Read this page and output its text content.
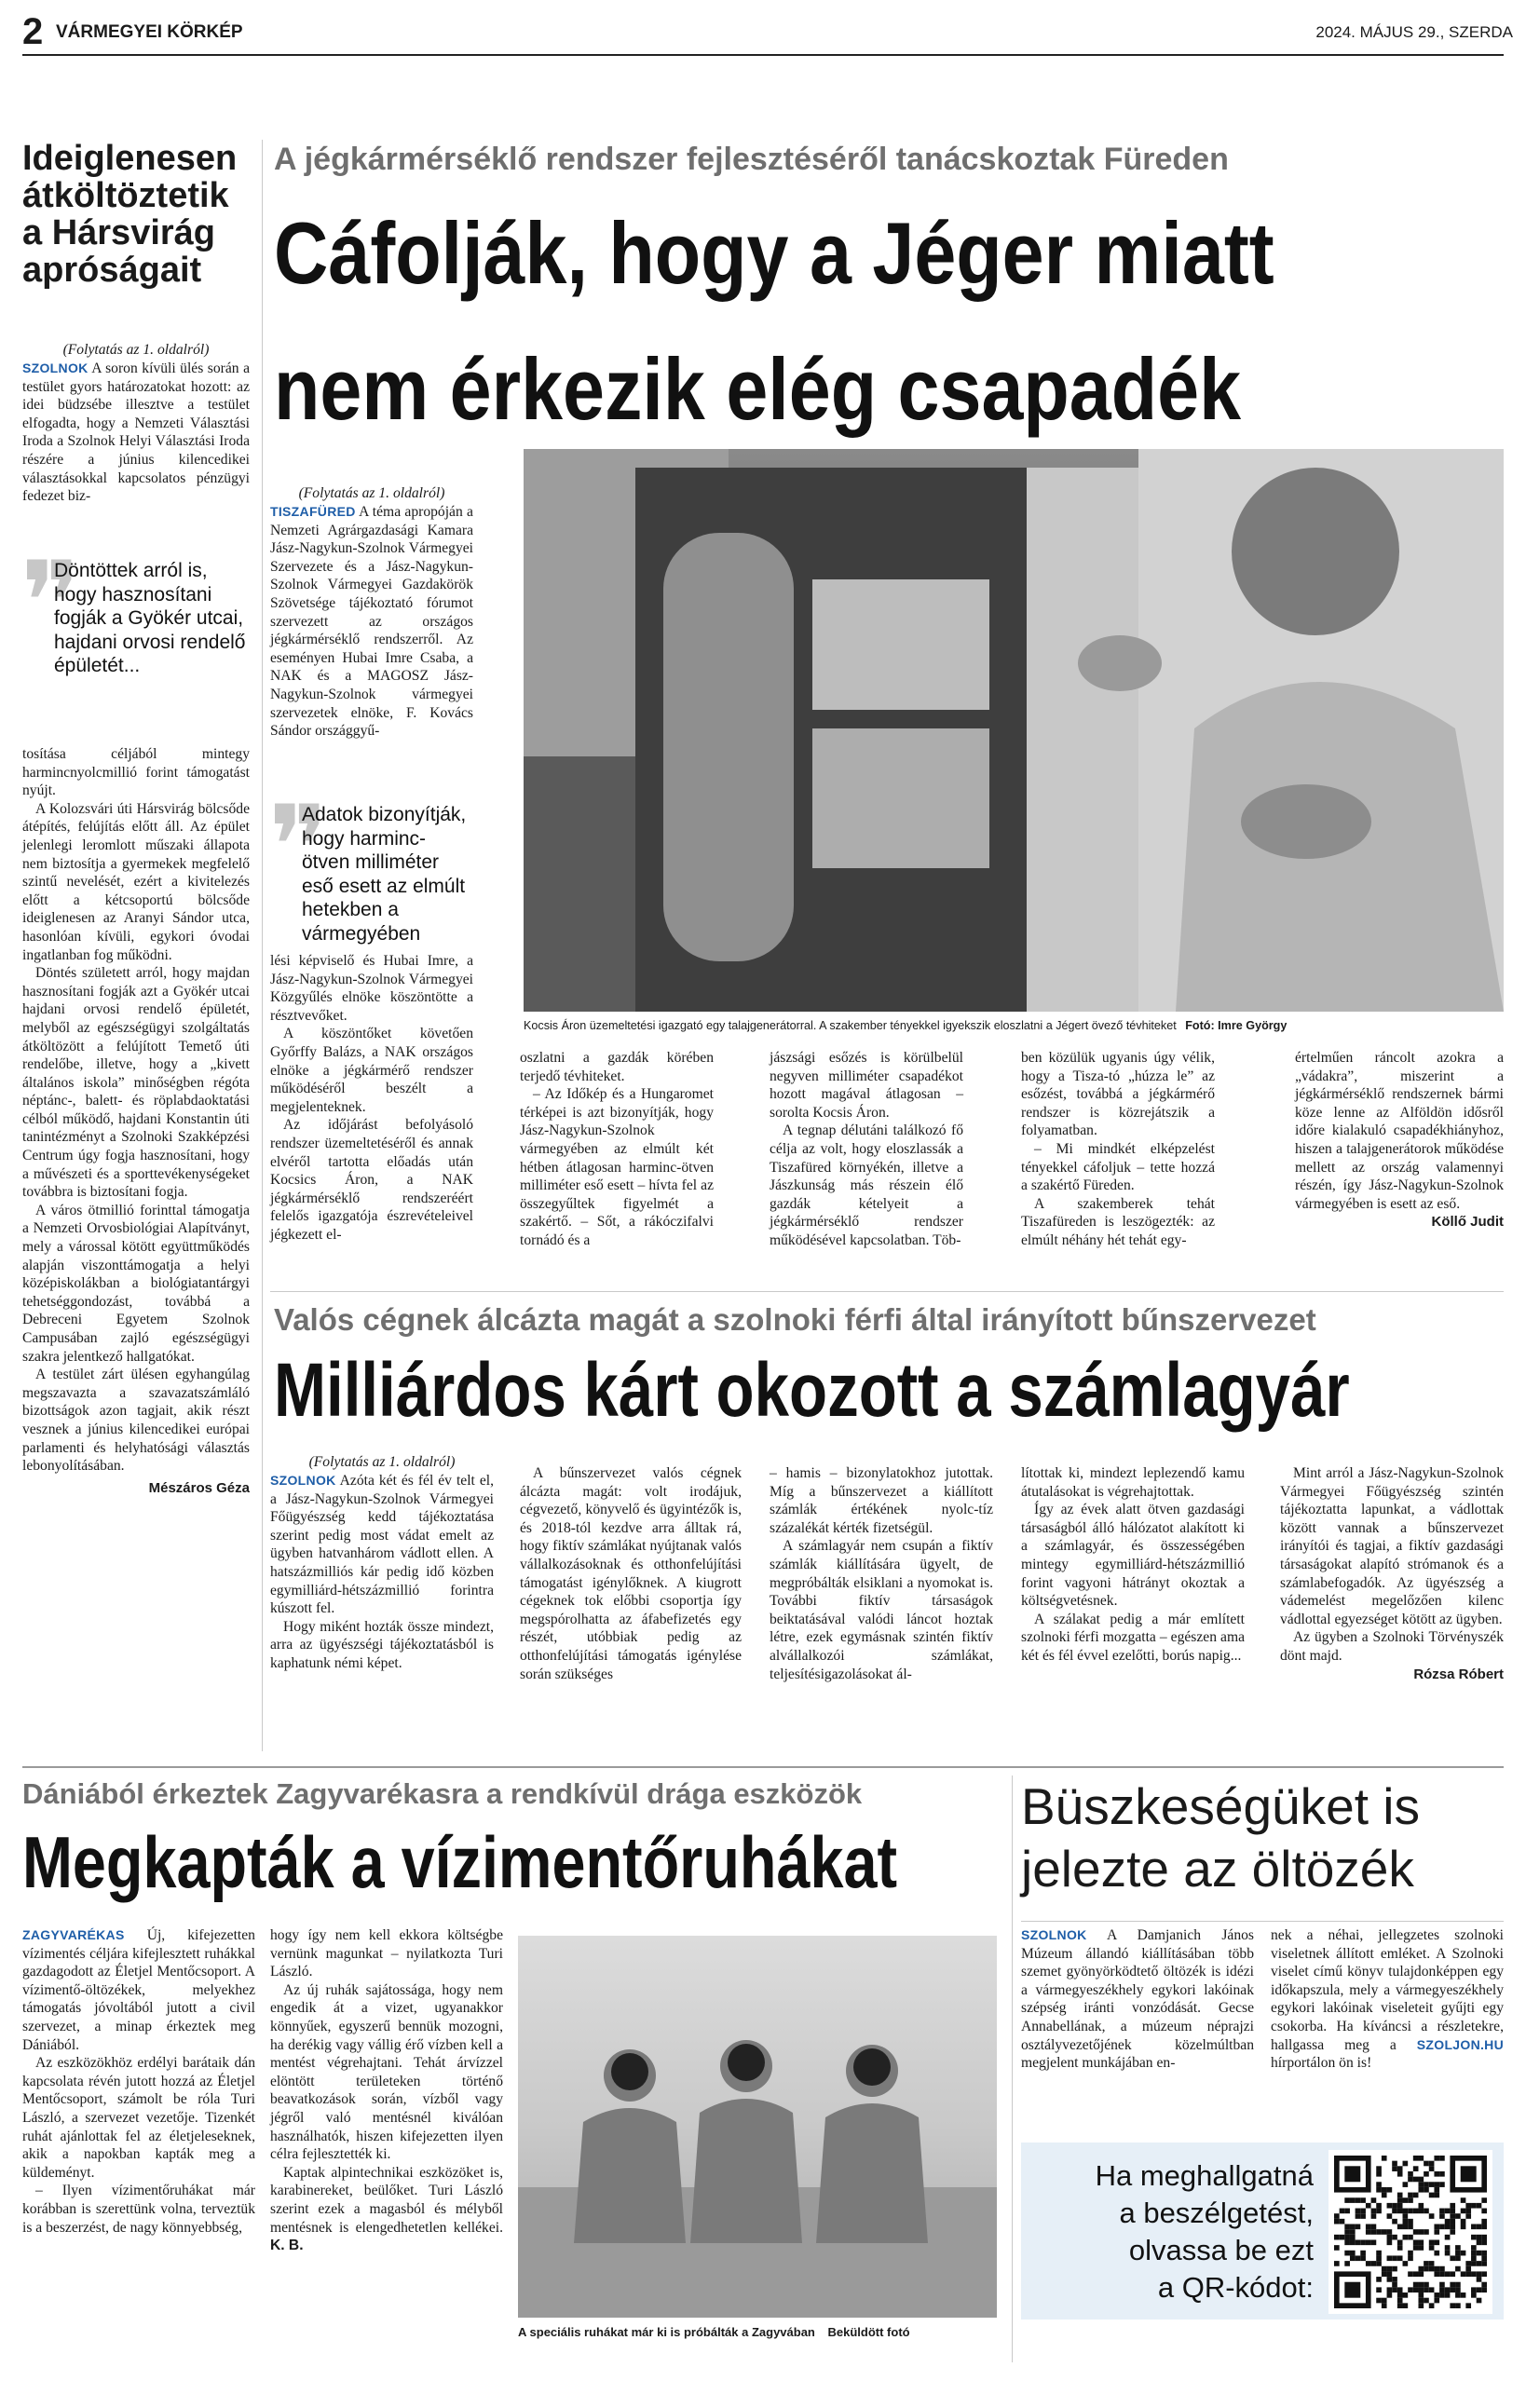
2 VÁRMEGYEI KÖRKÉP	2024. MÁJUS 29., SZERDA
Ideiglenesen
átköltöztetik
a Hársvirág
apróságait
(Folytatás az 1. oldalról)

SZOLNOK A soron kívüli ülés során a testület gyors határozatokat hozott: az idei büdzsébe illesztve a testület elfogadta, hogy a Nemzeti Választási Iroda a Szolnok Helyi Választási Iroda részére a június kilencedikei választásokkal kapcsolatos pénzügyi fedezet biz-

❞
Döntöttek arról is, hogy hasznosítani fogják a Gyökér utcai, hajdani orvosi rendelő épületét...

tosítása céljából mintegy harmincnyolcmillió forint támogatást nyújt.

A Kolozsvári úti Hársvirág bölcsőde átépítés, felújítás előtt áll. Az épület jelenlegi leromlott műszaki állapota nem biztosítja a gyermekek megfelelő szintű nevelését, ezért a kivitelezés előtt a kétcsoportú bölcsőde ideiglenesen az Aranyi Sándor utca, hasonlóan kívüli, egykori óvodai ingatlanban fog működni.

Döntés született arról, hogy majdan hasznosítani fogják azt a Gyökér utcai hajdani orvosi rendelő épületét, melyből az egészségügyi szolgáltatás átköltözött a felújított Temető úti rendelőbe, illetve, hogy a „kivett általános iskola” minőségben régóta néptánc-, balett- és röplabdaoktatási célból működő, hajdani Konstantin úti tanintézményt a Szolnoki Szakképzési Centrum úgy fogja hasznosítani, hogy a művészeti és a sporttevékenységeket továbbra is biztosítani fogja.

A város ötmillió forinttal támogatja a Nemzeti Orvosbiológiai Alapítványt, mely a várossal kötött együttműködés alapján viszonttámogatja a helyi középiskolákban a biológiatantárgyi tehetséggondozást, továbbá a Debreceni Egyetem Szolnok Campusában zajló egészségügyi szakra jelentkező hallgatókat.

A testület zárt ülésen egyhangúlag megszavazta a szavazatszámláló bizottságok azon tagjait, akik részt vesznek a június kilencedikei európai parlamenti és helyhatósági választás lebonyolításában.

Mészáros Géza
A jégkármérséklő rendszer fejlesztéséről tanácskoztak Füreden
Cáfolják, hogy a Jéger miatt
nem érkezik elég csapadék
(Folytatás az 1. oldalról)

TISZAFÜRED A téma apropóján a Nemzeti Agrárgazdasági Kamara Jász-Nagykun-Szolnok Vármegyei Szervezete és a Jász-Nagykun-Szolnok Vármegyei Gazdakörök Szövetsége tájékoztató fórumot szervezett az országos jégkármérséklő rendszerről. Az eseményen Hubai Imre Csaba, a NAK és a MAGOSZ Jász-Nagykun-Szolnok vármegyei szervezetek elnöke, F. Kovács Sándor országgyű-

❞
Adatok bizonyítják, hogy harminc-ötven milliméter eső esett az elmúlt hetekben a vármegyében

lési képviselő és Hubai Imre, a Jász-Nagykun-Szolnok Vármegyei Közgyűlés elnöke köszöntötte a résztvevőket.

A köszöntőket követően Győrffy Balázs, a NAK országos elnöke a jégkármérő rendszer működéséről beszélt a megjelenteknek.

Az időjárást befolyásoló rendszer üzemeltetéséről és annak elvéről tartotta előadás után Kocsics Áron, a NAK jégkármérséklő rendszeréért felelős igazgatója észrevételeivel jégkezett el-

Kocsis Áron üzemeltetési igazgató egy talajgenerátorral. A szakember tényekkel igyekszik eloszlatni a Jégert övező tévhiteket Fotó: Imre György

oszlatni a gazdák körében terjedő tévhiteket.

– Az Időkép és a Hungaromet térképei is azt bizonyítják, hogy Jász-Nagykun-Szolnok vármegyében az elmúlt két hétben átlagosan harminc-ötven milliméter eső esett – hívta fel az összegyűltek figyelmét a szakértő. – Sőt, a rákóczifalvi tornádó és a

jászsági esőzés is körülbelül negyven milliméter csapadékot hozott magával átlagosan – sorolta Kocsis Áron.

A tegnap délutáni találkozó fő célja az volt, hogy eloszlassák a Tiszafüred környékén, illetve a Jászkunság más részein élő gazdák kételyeit a jégkármérséklő rendszer működésével kapcsolatban. Töb-

ben közülük ugyanis úgy vélik, hogy a Tisza-tó „húzza le” az esőzést, továbbá a jégkármérő rendszer is közrejátszik a folyamatban.

– Mi mindkét elképzelést tényekkel cáfoljuk – tette hozzá a szakértő Füreden.

A szakemberek tehát Tiszafüreden is leszögezték: az elmúlt néhány hét tehát egy-

értelműen ráncolt azokra a „vádakra”, miszerint a jégkármérséklő rendszernek bármi köze lenne az Alföldön idősről időre kialakuló csapadékhiányhoz, hiszen a talajgenerátorok működése mellett az ország valamennyi részén, így Jász-Nagykun-Szolnok vármegyében is esett az eső.

Köllő Judit
Valós cégnek álcázta magát a szolnoki férfi által irányított bűnszervezet
Milliárdos kárt okozott a számlagyár
(Folytatás az 1. oldalról)

SZOLNOK Azóta két és fél év telt el, a Jász-Nagykun-Szolnok Vármegyei Főügyészség kedd tájékoztatása szerint pedig most vádat emelt az ügyben hatvanhárom vádlott ellen. A hatszázmilliós kár pedig idő közben egymilliárd-hétszázmillió forintra kúszott fel.

Hogy miként hozták össze mindezt, arra az ügyészségi tájékoztatásból is kaphatunk némi képet.

A bűnszervezet valós cégnek álcázta magát: volt irodájuk, cégvezető, könyvelő és ügyintézők is, és 2018-tól kezdve arra álltak rá, hogy fiktív számlákat nyújtanak valós vállalkozásoknak és otthonfelújítási támogatást igénylőknek. A kiugrott cégeknek tok előbbi csoportja így megspórolhatta az áfabefizetés egy részét, utóbbiak pedig az otthonfelújítási támogatás igénylése során szükséges

– hamis – bizonylatokhoz jutottak. Míg a bűnszervezet a kiállított számlák értékének nyolc-tíz százalékát kérték fizetségül.

A számlagyár nem csupán a fiktív számlák kiállítására ügyelt, de megpróbálták elsiklani a nyomokat is. További fiktív társaságok beiktatásával valódi láncot hoztak létre, ezek egymásnak szintén fiktív alvállalkozói számlákat, teljesítésigazolásokat ál-

lítottak ki, mindezt leplezendő kamu átutalásokat is végrehajtottak.

Így az évek alatt ötven gazdasági társaságból álló hálózatot alakított ki a számlagyár, és összességében mintegy egymilliárd-hétszázmillió forint vagyoni hátrányt okoztak a költségvetésnek.

A szálakat pedig a már említett szolnoki férfi mozgatta – egészen ama két és fél évvel ezelőtti, borús napig...

Mint arról a Jász-Nagykun-Szolnok Vármegyei Főügyészség szintén tájékoztatta lapunkat, a vádlottak között vannak a bűnszervezet irányítói és tagjai, a fiktív gazdasági társaságokat alapító strómanok és a számlabefogadók. Az ügyészség a vádemelést megelőzően kilenc vádlottal egyezséget kötött az ügyben.

Az ügyben a Szolnoki Törvényszék dönt majd.

Rózsa Róbert
Dániából érkeztek Zagyvarékasra a rendkívül drága eszközök
Megkapták a vízimentőruhákat

ZAGYVARÉKAS Új, kifejezetten vízimentés céljára kifejlesztett ruhákkal gazdagodott az Életjel Mentőcsoport. A vízimentő-öltözékek, melyekhez támogatás jóvoltából jutott a civil szervezet, a minap érkeztek meg Dániából.

Az eszközökhöz erdélyi barátaik dán kapcsolata révén jutott hozzá az Életjel Mentőcsoport, számolt be róla Turi László, a szervezet vezetője. Tizenkét ruhát ajánlottak fel az életjeleseknek, akik a napokban kapták meg a küldeményt.

– Ilyen vízimentőruhákat már korábban is szerettünk volna, terveztük is a beszerzést, de nagy könnyebbség,

hogy így nem kell ekkora költségbe vernünk magunkat – nyilatkozta Turi László.

Az új ruhák sajátossága, hogy nem engedik át a vizet, ugyanakkor könnyűek, egyszerű bennük mozogni, ha derékig vagy vállig érő vízben kell a mentést végrehajtani. Tehát árvízzel elöntött területeken történő beavatkozások során, vízből vagy jégről való mentésnél kiválóan használhatók, hiszen kifejezetten ilyen célra fejlesztették ki.

Kaptak alpintechnikai eszközöket is, karabinereket, beülőket. Turi László szerint ezek a magasból és mélyből mentésnek is elengedhetetlen kellékei. K. B.

A speciális ruhákat már ki is próbálták a Zagyvában Beküldött fotó
Büszkeségüket is
jelezte az öltözék

SZOLNOK A Damjanich János Múzeum állandó kiállításában több szemet gyönyörködtető öltözék is idézi a vármegyeszékhely egykori lakóinak szépség iránti vonzódását. Gecse Annabellának, a múzeum néprajzi osztályvezetőjének közelmúltban megjelent munkájában en-

nek a néhai, jellegzetes szolnoki viseletnek állított emléket. A Szolnoki viselet című könyv tulajdonképpen egy időkapszula, mely a vármegyeszékhely egykori lakóinak viseleteit gyűjti egy csokorba. Ha kíváncsi a részletekre, hallgassa meg a SZOLJON.HU hírportálon ön is!

Ha meghallgatná
a beszélgetést,
olvassa be ezt
a QR-kódot:
